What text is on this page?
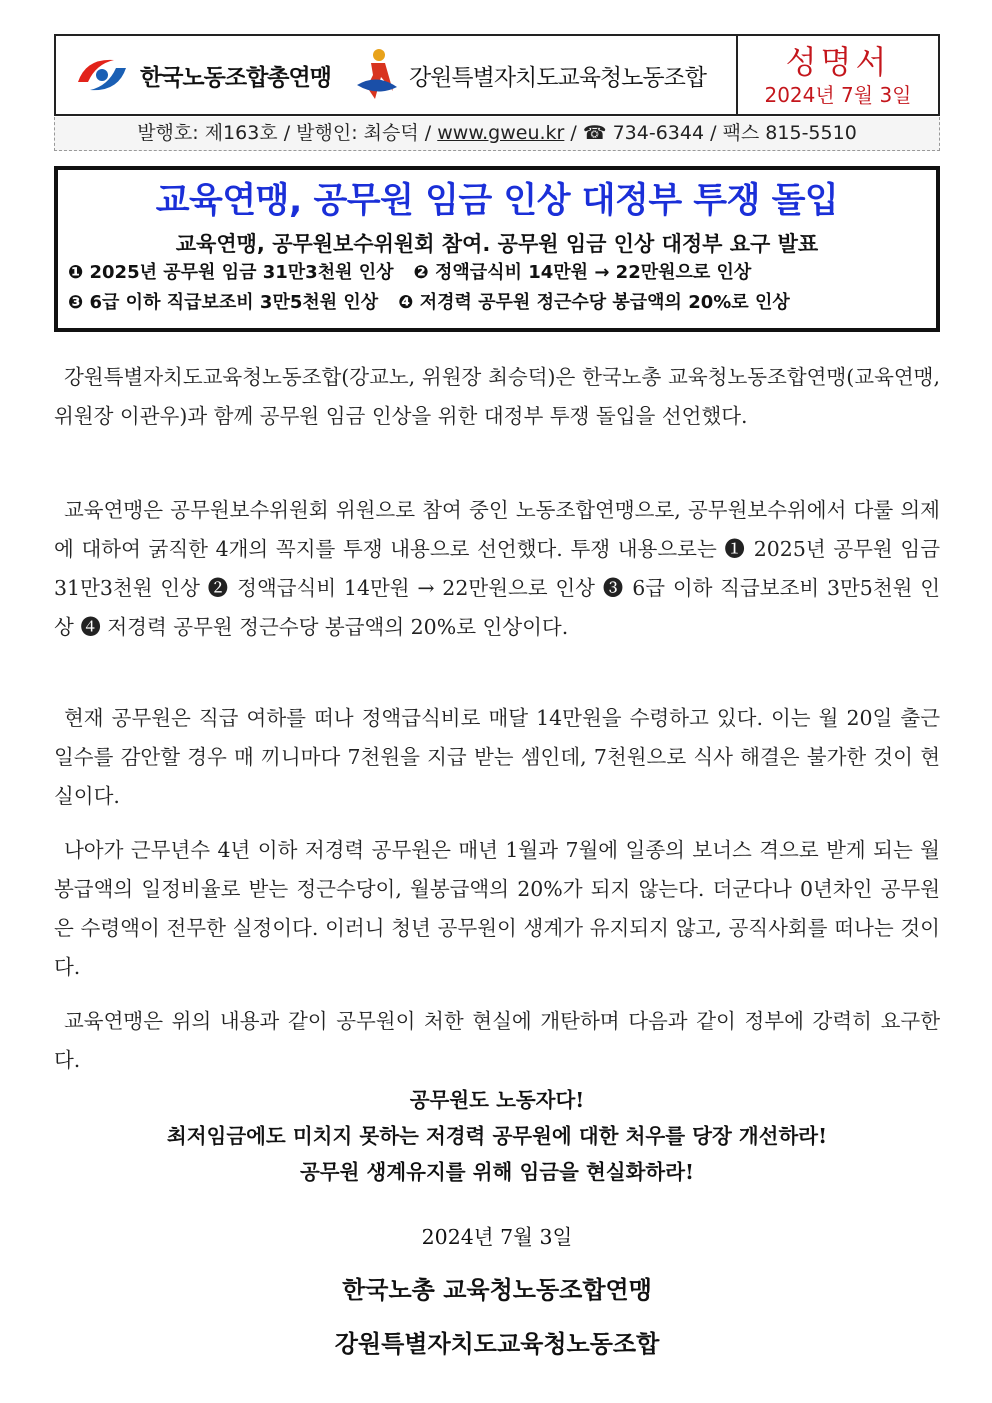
한국노동조합총연맹	강원특별자치도교육청노동조합 성명서
2024년 7월 3일
발행호: 제163호 / 발행인: 최승덕 / www.gweu.kr / ☎ 734-6344 / 팩스 815-5510
교육연맹, 공무원 임금 인상 대정부 투쟁 돌입
교육연맹, 공무원보수위원회 참여. 공무원 임금 인상 대정부 요구 발표
❶ 2025년 공무원 임금 31만3천원 인상 ❷ 정액급식비 14만원 → 22만원으로 인상
❸ 6급 이하 직급보조비 3만5천원 인상 ❹ 저경력 공무원 정근수당 봉급액의 20%로 인상
강원특별자치도교육청노동조합(강교노, 위원장 최승덕)은 한국노총 교육청노동조합연맹(교육연맹, 위원장 이관우)과 함께 공무원 임금 인상을 위한 대정부 투쟁 돌입을 선언했다.
교육연맹은 공무원보수위원회 위원으로 참여 중인 노동조합연맹으로, 공무원보수위에서 다룰 의제에 대하여 굵직한 4개의 꼭지를 투쟁 내용으로 선언했다. 투쟁 내용으로는 ❶ 2025년 공무원 임금 31만3천원 인상 ❷ 정액급식비 14만원 → 22만원으로 인상 ❸ 6급 이하 직급보조비 3만5천원 인상 ❹ 저경력 공무원 정근수당 봉급액의 20%로 인상이다.
현재 공무원은 직급 여하를 떠나 정액급식비로 매달 14만원을 수령하고 있다. 이는 월 20일 출근일수를 감안할 경우 매 끼니마다 7천원을 지급 받는 셈인데, 7천원으로 식사 해결은 불가한 것이 현실이다.
나아가 근무년수 4년 이하 저경력 공무원은 매년 1월과 7월에 일종의 보너스 격으로 받게 되는 월봉급액의 일정비율로 받는 정근수당이, 월봉급액의 20%가 되지 않는다. 더군다나 0년차인 공무원은 수령액이 전무한 실정이다. 이러니 청년 공무원이 생계가 유지되지 않고, 공직사회를 떠나는 것이다.
교육연맹은 위의 내용과 같이 공무원이 처한 현실에 개탄하며 다음과 같이 정부에 강력히 요구한다.
공무원도 노동자다!
최저임금에도 미치지 못하는 저경력 공무원에 대한 처우를 당장 개선하라!
공무원 생계유지를 위해 임금을 현실화하라!
2024년 7월 3일
한국노총 교육청노동조합연맹
강원특별자치도교육청노동조합
